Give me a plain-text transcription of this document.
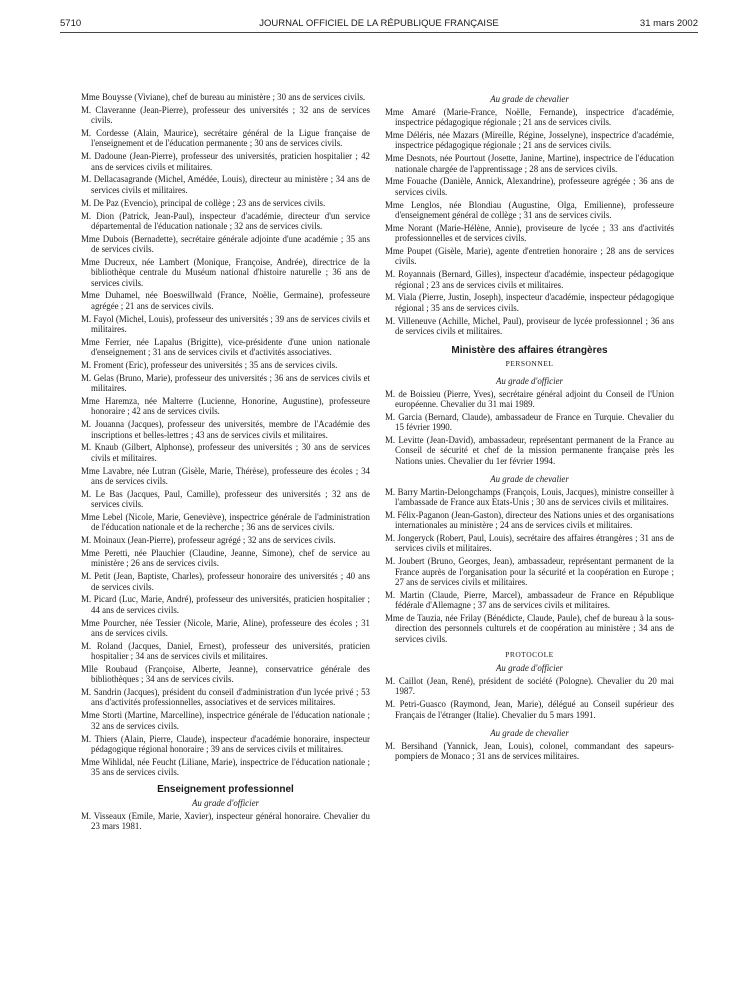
5710	JOURNAL OFFICIEL DE LA RÉPUBLIQUE FRANÇAISE	31 mars 2002
Mme Bouysse (Viviane), chef de bureau au ministère ; 30 ans de services civils.
M. Claveranne (Jean-Pierre), professeur des universités ; 32 ans de services civils.
M. Cordesse (Alain, Maurice), secrétaire général de la Ligue française de l'enseignement et de l'éducation permanente ; 30 ans de services civils.
M. Dadoune (Jean-Pierre), professeur des universités, praticien hospitalier ; 42 ans de services civils et militaires.
M. Dellacasagrande (Michel, Amédée, Louis), directeur au ministère ; 34 ans de services civils et militaires.
M. De Paz (Evencio), principal de collège ; 23 ans de services civils.
M. Dion (Patrick, Jean-Paul), inspecteur d'académie, directeur d'un service départemental de l'éducation nationale ; 32 ans de services civils.
Mme Dubois (Bernadette), secrétaire générale adjointe d'une académie ; 35 ans de services civils.
Mme Ducreux, née Lambert (Monique, Françoise, Andrée), directrice de la bibliothèque centrale du Muséum national d'histoire naturelle ; 36 ans de services civils.
Mme Duhamel, née Boeswillwald (France, Noëlie, Germaine), professeure agrégée ; 21 ans de services civils.
M. Fayol (Michel, Louis), professeur des universités ; 39 ans de services civils et militaires.
Mme Ferrier, née Lapalus (Brigitte), vice-présidente d'une union nationale d'enseignement ; 31 ans de services civils et d'activités associatives.
M. Froment (Eric), professeur des universités ; 35 ans de services civils.
M. Gelas (Bruno, Marie), professeur des universités ; 36 ans de services civils et militaires.
Mme Haremza, née Malterre (Lucienne, Honorine, Augustine), professeure honoraire ; 42 ans de services civils.
M. Jouanna (Jacques), professeur des universités, membre de l'Académie des inscriptions et belles-lettres ; 43 ans de services civils et militaires.
M. Knaub (Gilbert, Alphonse), professeur des universités ; 30 ans de services civils et militaires.
Mme Lavabre, née Lutran (Gisèle, Marie, Thérèse), professeure des écoles ; 34 ans de services civils.
M. Le Bas (Jacques, Paul, Camille), professeur des universités ; 32 ans de services civils.
Mme Lebel (Nicole, Marie, Geneviève), inspectrice générale de l'administration de l'éducation nationale et de la recherche ; 36 ans de services civils.
M. Moinaux (Jean-Pierre), professeur agrégé ; 32 ans de services civils.
Mme Peretti, née Plauchier (Claudine, Jeanne, Simone), chef de service au ministère ; 26 ans de services civils.
M. Petit (Jean, Baptiste, Charles), professeur honoraire des universités ; 40 ans de services civils.
M. Picard (Luc, Marie, André), professeur des universités, praticien hospitalier ; 44 ans de services civils.
Mme Pourcher, née Tessier (Nicole, Marie, Aline), professeure des écoles ; 31 ans de services civils.
M. Roland (Jacques, Daniel, Ernest), professeur des universités, praticien hospitalier ; 34 ans de services civils et militaires.
Mlle Roubaud (Françoise, Alberte, Jeanne), conservatrice générale des bibliothèques ; 34 ans de services civils.
M. Sandrin (Jacques), président du conseil d'administration d'un lycée privé ; 53 ans d'activités professionnelles, associatives et de services militaires.
Mme Storti (Martine, Marcelline), inspectrice générale de l'éducation nationale ; 32 ans de services civils.
M. Thiers (Alain, Pierre, Claude), inspecteur d'académie honoraire, inspecteur pédagogique régional honoraire ; 39 ans de services civils et militaires.
Mme Wihlidal, née Feucht (Liliane, Marie), inspectrice de l'éducation nationale ; 35 ans de services civils.
Enseignement professionnel
Au grade d'officier
M. Visseaux (Emile, Marie, Xavier), inspecteur général honoraire. Chevalier du 23 mars 1981.
Au grade de chevalier
Mme Amaré (Marie-France, Noëlle, Fernande), inspectrice d'académie, inspectrice pédagogique régionale ; 21 ans de services civils.
Mme Déléris, née Mazars (Mireille, Régine, Josselyne), inspectrice d'académie, inspectrice pédagogique régionale ; 21 ans de services civils.
Mme Desnots, née Pourtout (Josette, Janine, Martine), inspectrice de l'éducation nationale chargée de l'apprentissage ; 28 ans de services civils.
Mme Fouache (Danièle, Annick, Alexandrine), professeure agrégée ; 36 ans de services civils.
Mme Lenglos, née Blondiau (Augustine, Olga, Emilienne), professeure d'enseignement général de collège ; 31 ans de services civils.
Mme Norant (Marie-Hélène, Annie), proviseure de lycée ; 33 ans d'activités professionnelles et de services civils.
Mme Poupet (Gisèle, Marie), agente d'entretien honoraire ; 28 ans de services civils.
M. Royannais (Bernard, Gilles), inspecteur d'académie, inspecteur pédagogique régional ; 23 ans de services civils et militaires.
M. Viala (Pierre, Justin, Joseph), inspecteur d'académie, inspecteur pédagogique régional ; 35 ans de services civils.
M. Villeneuve (Achille, Michel, Paul), proviseur de lycée professionnel ; 36 ans de services civils et militaires.
Ministère des affaires étrangères
PERSONNEL
Au grade d'officier
M. de Boissieu (Pierre, Yves), secrétaire général adjoint du Conseil de l'Union européenne. Chevalier du 31 mai 1989.
M. Garcia (Bernard, Claude), ambassadeur de France en Turquie. Chevalier du 15 février 1990.
M. Levitte (Jean-David), ambassadeur, représentant permanent de la France au Conseil de sécurité et chef de la mission permanente française près les Nations unies. Chevalier du 1er février 1994.
Au grade de chevalier
M. Barry Martin-Delongchamps (François, Louis, Jacques), ministre conseiller à l'ambassade de France aux Etats-Unis ; 30 ans de services civils et militaires.
M. Félix-Paganon (Jean-Gaston), directeur des Nations unies et des organisations internationales au ministère ; 24 ans de services civils et militaires.
M. Jongeryck (Robert, Paul, Louis), secrétaire des affaires étrangères ; 31 ans de services civils et militaires.
M. Joubert (Bruno, Georges, Jean), ambassadeur, représentant permanent de la France auprès de l'organisation pour la sécurité et la coopération en Europe ; 27 ans de services civils et militaires.
M. Martin (Claude, Pierre, Marcel), ambassadeur de France en République fédérale d'Allemagne ; 37 ans de services civils et militaires.
Mme de Tauzia, née Frilay (Bénédicte, Claude, Paule), chef de bureau à la sous-direction des personnels culturels et de coopération au ministère ; 34 ans de services civils.
PROTOCOLE
Au grade d'officier
M. Caillot (Jean, René), président de société (Pologne). Chevalier du 20 mai 1987.
M. Petri-Guasco (Raymond, Jean, Marie), délégué au Conseil supérieur des Français de l'étranger (Italie). Chevalier du 5 mars 1991.
Au grade de chevalier
M. Bersihand (Yannick, Jean, Louis), colonel, commandant des sapeurs-pompiers de Monaco ; 31 ans de services militaires.
